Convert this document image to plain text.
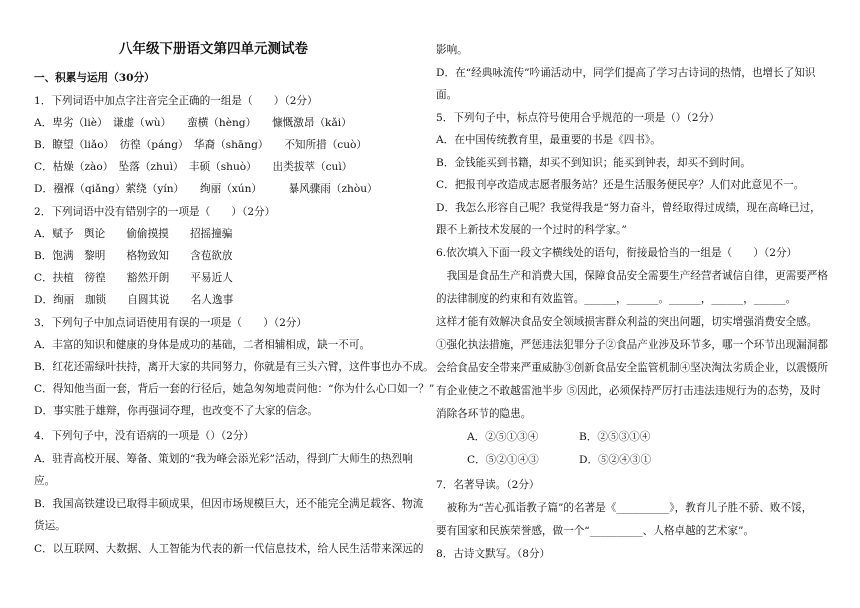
八年级下册语文第四单元测试卷
一、积累与运用（30分）
1．下列词语中加点字注音完全正确的一组是（　　）（2分）
A．卑劣（liè）　谦虚（wù）　　蛮横（hèng）　　慷慨激昂（kǎi）
B．瞭望（liǎo）　彷徨（páng）　华裔（shāng）　　不知所措（cuò）
C．枯燥（zào）　坠落（zhuì）　丰硕（shuò）　　出类拔萃（cuì）
D．襁褓（qiǎng）萦绕（yín）　　绚丽（xún）　　　暴风骤雨（zhòu）
2．下列词语中没有错别字的一项是（　　）（2分）
A．赋予　舆论　　偷偷摸摸　　招摇撞骗
B．饱满　黎明　　格物致知　　含苞欲放
C．扶植　徬徨　　豁然开朗　　平易近人
D．绚丽　珈锁　　自圆其说　　名人逸事
3．下列句子中加点词语使用有误的一项是（　　）（2分）
A．丰富的知识和健康的身体是成功的基础，二者相辅相成，缺一不可。
B．红花还需绿叶扶持，离开大家的共同努力，你就是有三头六臂，这件事也办不成。
C．得知他当面一套，背后一套的行径后，她急匆匆地责问他：“你为什么心口如一？”
D．事实胜于雄辩，你再强词夺理，也改变不了大家的信念。
4．下列句子中，没有语病的一项是（）（2分）
A．驻青高校开展、筹备、策划的“我为峰会添光彩”活动，得到广大师生的热烈响
应。
B．我国高铁建设已取得丰硕成果，但因市场规模巨大，还不能完全满足载客、物流
货运。
C．以互联网、大数据、人工智能为代表的新一代信息技术，给人民生活带来深远的
影响。
D．在“经典咏流传”吟诵活动中，同学们提高了学习古诗词的热情，也增长了知识
面。
5．下列句子中，标点符号使用合乎规范的一项是（）（2分）
A．在中国传统教育里，最重要的书是《四书》。
B．金钱能买到书籍，却买不到知识；能买到钟表，却买不到时间。
C．把报刊亭改造成志愿者服务站？还是生活服务便民亭？人们对此意见不一。
D．我怎么形容自己呢？我觉得我是“努力奋斗，曾经取得过成绩，现在高峰已过，
跟不上新技术发展的一个过时的科学家。”
6.依次填入下面一段文字横线处的语句，衔接最恰当的一组是（　　）（2分）
　我国是食品生产和消费大国，保障食品安全需要生产经营者诚信自律，更需要严格
的法律制度的约束和有效监管。______，______。______，______，______。
这样才能有效解决食品安全领域损害群众利益的突出问题，切实增强消费安全感。
①强化执法措施，严惩违法犯罪分子②食品产业涉及环节多，哪一个环节出现漏洞都
会给食品安全带来严重威胁③创新食品安全监管机制④坚决淘汰劣质企业，以震慑所
有企业使之不敢越雷池半步 ⑤因此，必须保持严厉打击违法违规行为的态势，及时
消除各环节的隐患。
A．②⑤①③④	B．②⑤③①④
C．⑤②①④③	D．⑤②④③①
7．名著导读。（2分）
　被称为“苦心孤诣教子篇”的名著是《__________》，教育儿子胜不骄、败不馁，
要有国家和民族荣誉感，做一个“__________、人格卓越的艺术家”。
8．古诗文默写。（8分）
